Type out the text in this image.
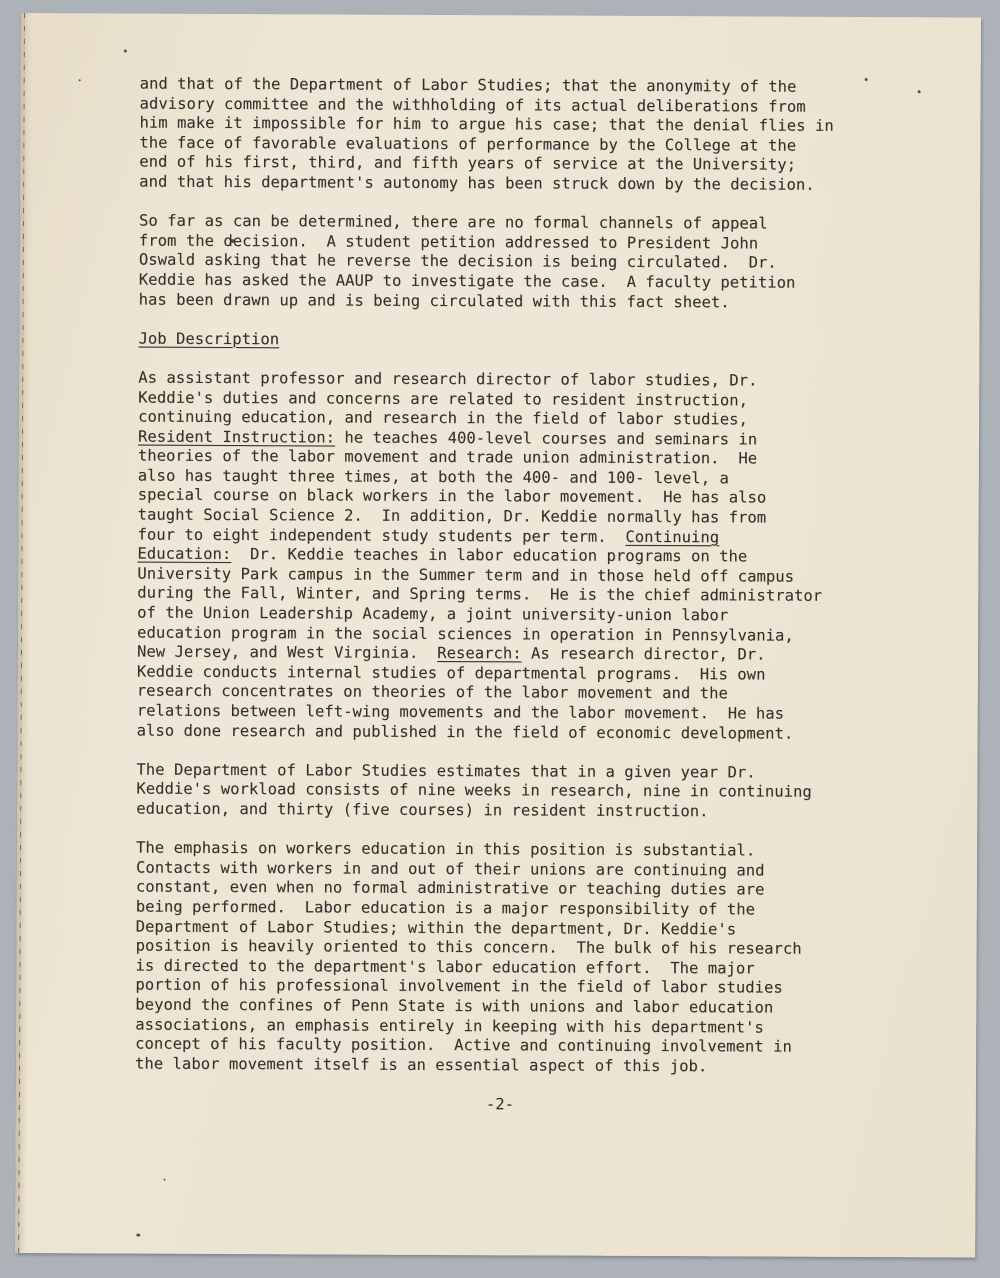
and that of the Department of Labor Studies; that the anonymity of the
advisory committee and the withholding of its actual deliberations from
him make it impossible for him to argue his case; that the denial flies in
the face of favorable evaluations of performance by the College at the
end of his first, third, and fifth years of service at the University;
and that his department's autonomy has been struck down by the decision.
So far as can be determined, there are no formal channels of appeal
from the decision.  A student petition addressed to President John
Oswald asking that he reverse the decision is being circulated.  Dr.
Keddie has asked the AAUP to investigate the case.  A faculty petition
has been drawn up and is being circulated with this fact sheet.
Job Description
As assistant professor and research director of labor studies, Dr.
Keddie's duties and concerns are related to resident instruction,
continuing education, and research in the field of labor studies,
Resident Instruction: he teaches 400-level courses and seminars in
theories of the labor movement and trade union administration.  He
also has taught three times, at both the 400- and 100- level, a
special course on black workers in the labor movement.  He has also
taught Social Science 2.  In addition, Dr. Keddie normally has from
four to eight independent study students per term.  Continuing
Education:  Dr. Keddie teaches in labor education programs on the
University Park campus in the Summer term and in those held off campus
during the Fall, Winter, and Spring terms.  He is the chief administrator
of the Union Leadership Academy, a joint university-union labor
education program in the social sciences in operation in Pennsylvania,
New Jersey, and West Virginia.  Research: As research director, Dr.
Keddie conducts internal studies of departmental programs.  His own
research concentrates on theories of the labor movement and the
relations between left-wing movements and the labor movement.  He has
also done research and published in the field of economic development.
The Department of Labor Studies estimates that in a given year Dr.
Keddie's workload consists of nine weeks in research, nine in continuing
education, and thirty (five courses) in resident instruction.
The emphasis on workers education in this position is substantial.
Contacts with workers in and out of their unions are continuing and
constant, even when no formal administrative or teaching duties are
being performed.  Labor education is a major responsibility of the
Department of Labor Studies; within the department, Dr. Keddie's
position is heavily oriented to this concern.  The bulk of his research
is directed to the department's labor education effort.  The major
portion of his professional involvement in the field of labor studies
beyond the confines of Penn State is with unions and labor education
associations, an emphasis entirely in keeping with his department's
concept of his faculty position.  Active and continuing involvement in
the labor movement itself is an essential aspect of this job.
-2-
